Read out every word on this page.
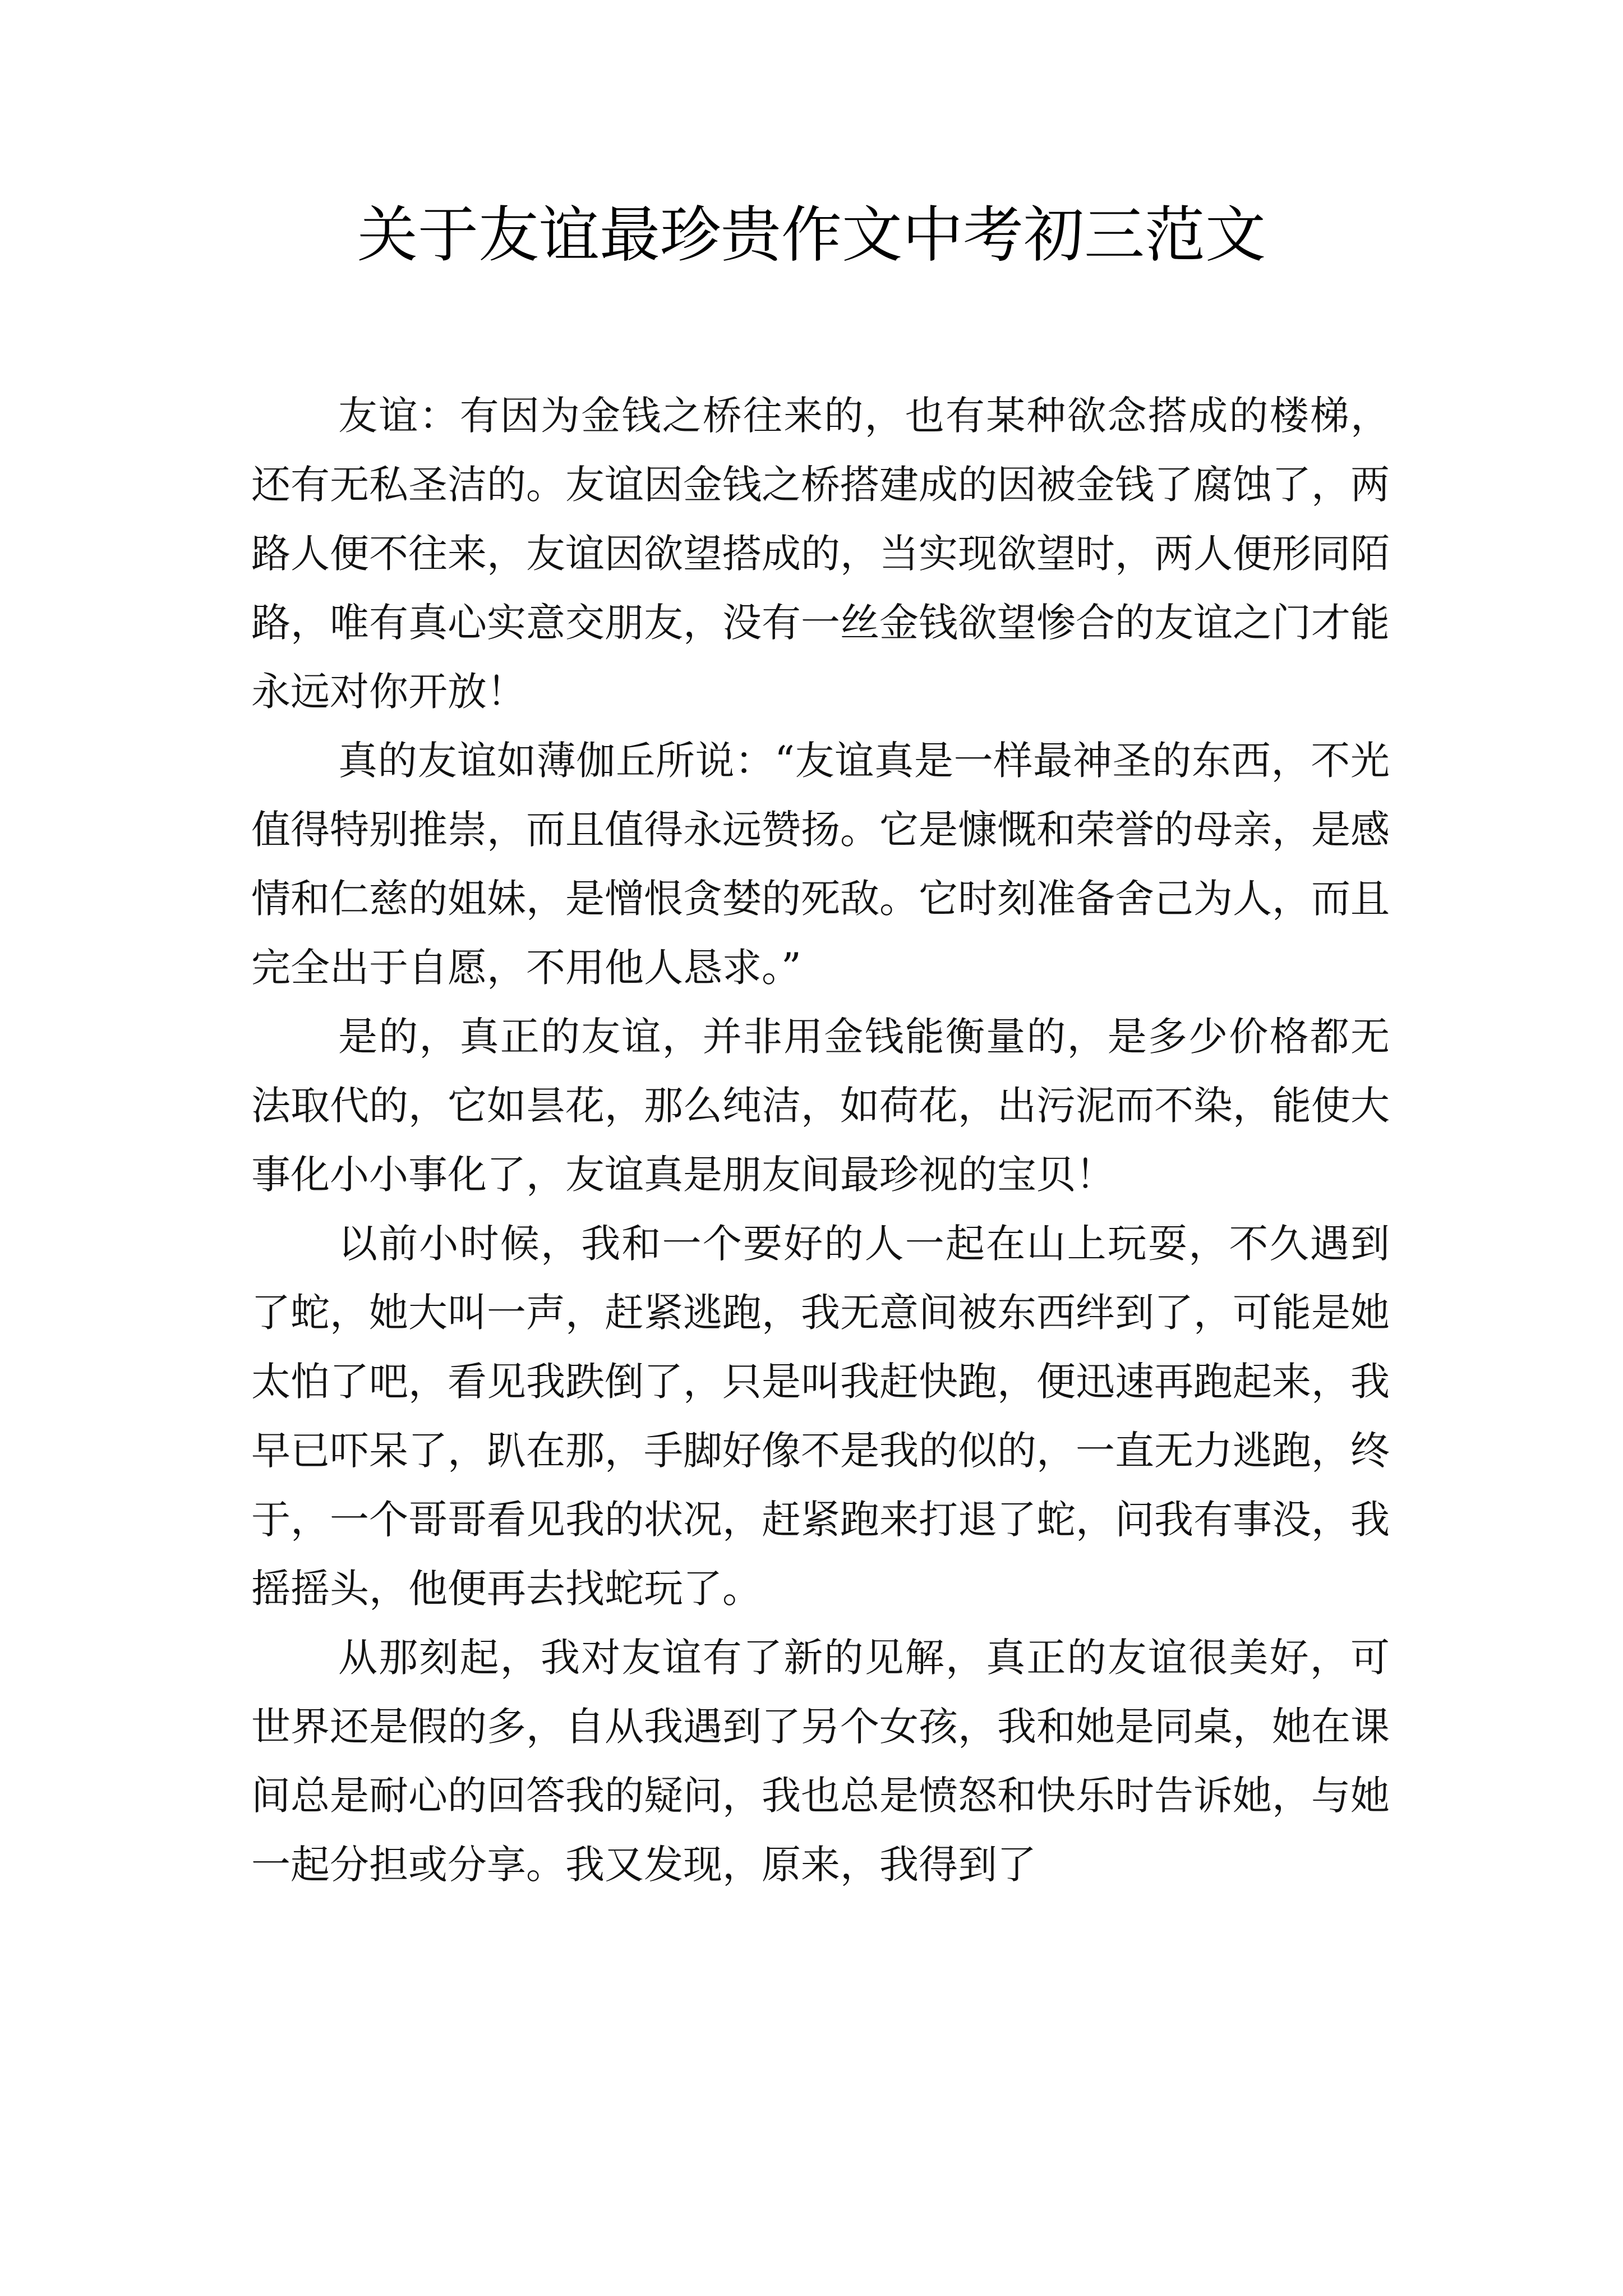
关于友谊最珍贵作文中考初三范文

友谊：有因为金钱之桥往来的，也有某种欲念搭成的楼梯，还有无私圣洁的。友谊因金钱之桥搭建成的因被金钱了腐蚀了，两路人便不往来，友谊因欲望搭成的，当实现欲望时，两人便形同陌路，唯有真心实意交朋友，没有一丝金钱欲望惨合的友谊之门才能永远对你开放！

真的友谊如薄伽丘所说：“友谊真是一样最神圣的东西，不光值得特别推崇，而且值得永远赞扬。它是慷慨和荣誉的母亲，是感情和仁慈的姐妹，是憎恨贪婪的死敌。它时刻准备舍己为人，而且完全出于自愿，不用他人恳求。”

是的，真正的友谊，并非用金钱能衡量的，是多少价格都无法取代的，它如昙花，那么纯洁，如荷花，出污泥而不染，能使大事化小小事化了，友谊真是朋友间最珍视的宝贝！

以前小时候，我和一个要好的人一起在山上玩耍，不久遇到了蛇，她大叫一声，赶紧逃跑，我无意间被东西绊到了，可能是她太怕了吧，看见我跌倒了，只是叫我赶快跑，便迅速再跑起来，我早已吓呆了，趴在那，手脚好像不是我的似的，一直无力逃跑，终于，一个哥哥看见我的状况，赶紧跑来打退了蛇，问我有事没，我摇摇头，他便再去找蛇玩了。

从那刻起，我对友谊有了新的见解，真正的友谊很美好，可世界还是假的多，自从我遇到了另个女孩，我和她是同桌，她在课间总是耐心的回答我的疑问，我也总是愤怒和快乐时告诉她，与她一起分担或分享。我又发现，原来，我得到了
